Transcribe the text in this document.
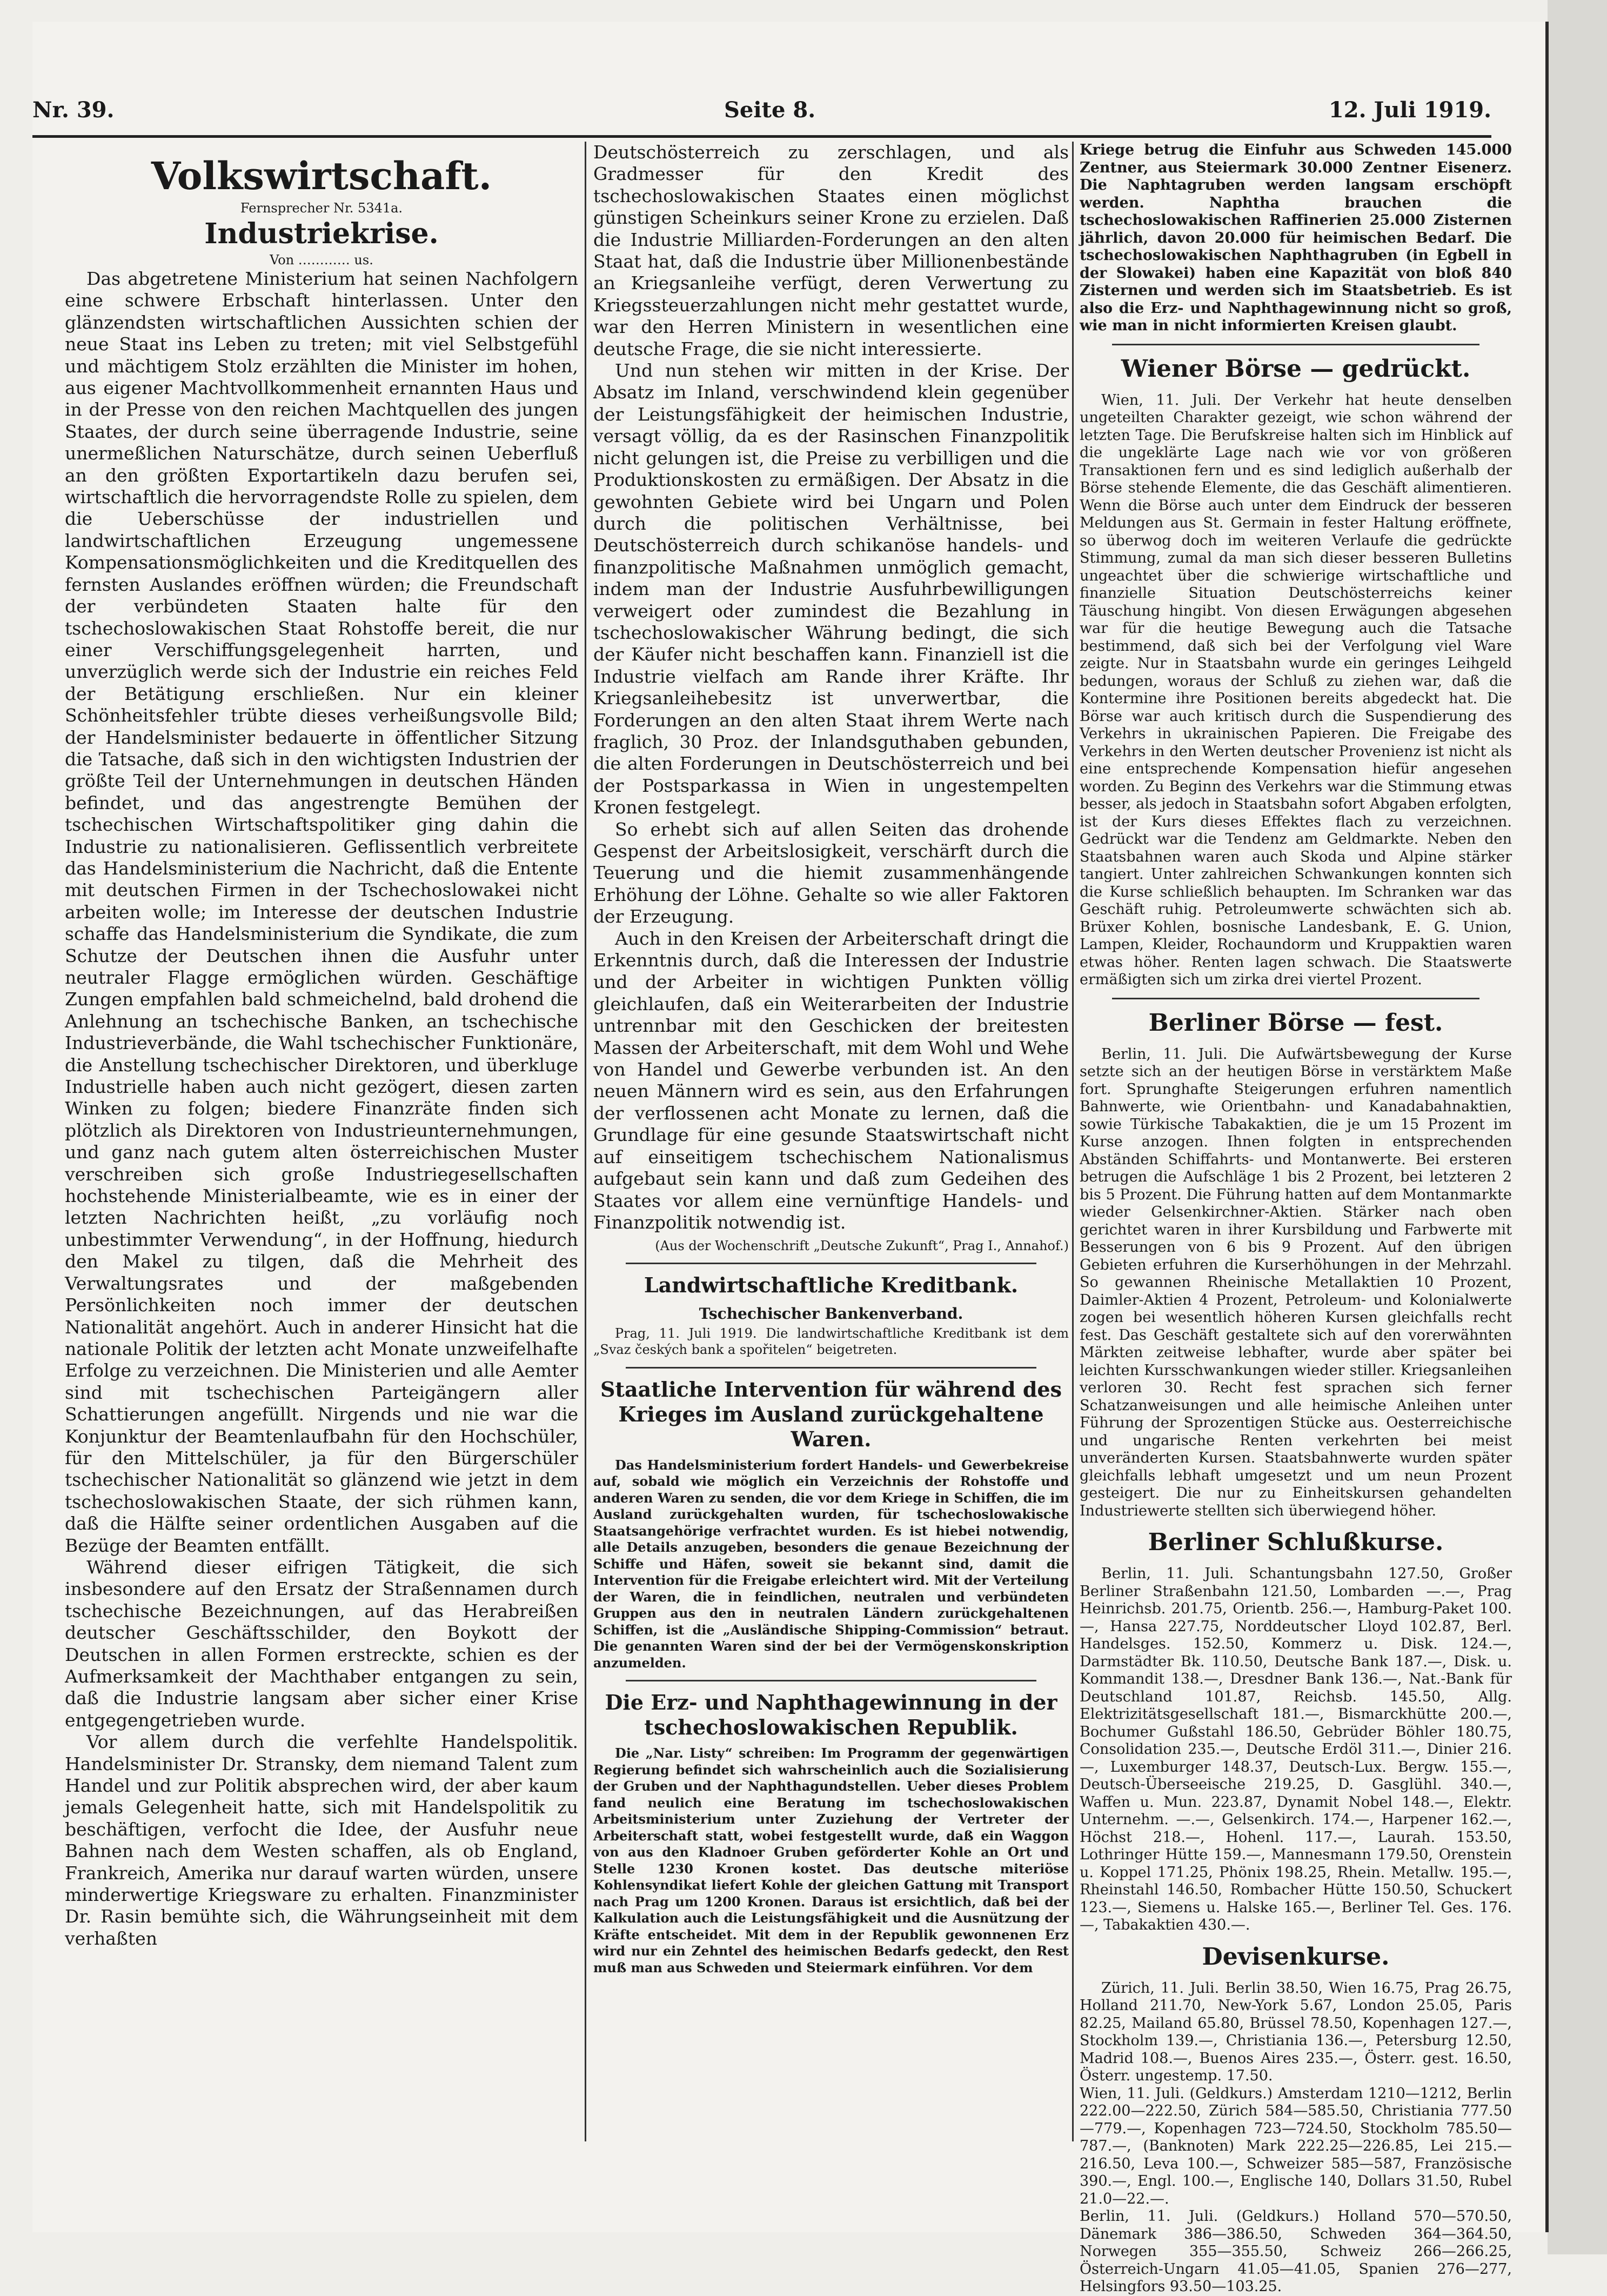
Nr. 39.	Seite 8.	12. Juli 1919.
Volkswirtschaft.
Fernsprecher Nr. 5341a.
Industriekrise.
Von ………… us.

Das abgetretene Ministerium hat seinen Nachfolgern eine schwere Erbschaft hinterlassen. Unter den glänzendsten wirtschaftlichen Aussichten schien der neue Staat ins Leben zu treten; mit viel Selbstgefühl und mächtigem Stolz erzählten die Minister im hohen, aus eigener Machtvollkommenheit ernannten Haus und in der Presse von den reichen Machtquellen des jungen Staates, der durch seine überragende Industrie, seine unermeßlichen Naturschätze, durch seinen Ueberfluß an den größten Exportartikeln dazu berufen sei, wirtschaftlich die hervorragendste Rolle zu spielen, dem die Ueberschüsse der industriellen und landwirtschaftlichen Erzeugung ungemessene Kompensationsmöglichkeiten und die Kreditquellen des fernsten Auslandes eröffnen würden; die Freundschaft der verbündeten Staaten halte für den tschechoslowakischen Staat Rohstoffe bereit, die nur einer Verschiffungsgelegenheit harrten, und unverzüglich werde sich der Industrie ein reiches Feld der Betätigung erschließen. Nur ein kleiner Schönheitsfehler trübte dieses verheißungsvolle Bild; der Handelsminister bedauerte in öffentlicher Sitzung die Tatsache, daß sich in den wichtigsten Industrien der größte Teil der Unternehmungen in deutschen Händen befindet, und das angestrengte Bemühen der tschechischen Wirtschaftspolitiker ging dahin die Industrie zu nationalisieren. Geflissentlich verbreitete das Handelsministerium die Nachricht, daß die Entente mit deutschen Firmen in der Tschechoslowakei nicht arbeiten wolle; im Interesse der deutschen Industrie schaffe das Handelsministerium die Syndikate, die zum Schutze der Deutschen ihnen die Ausfuhr unter neutraler Flagge ermöglichen würden. Geschäftige Zungen empfahlen bald schmeichelnd, bald drohend die Anlehnung an tschechische Banken, an tschechische Industrieverbände, die Wahl tschechischer Funktionäre, die Anstellung tschechischer Direktoren, und überkluge Industrielle haben auch nicht gezögert, diesen zarten Winken zu folgen; biedere Finanzräte finden sich plötzlich als Direktoren von Industrieunternehmungen, und ganz nach gutem alten österreichischen Muster verschreiben sich große Industriegesellschaften hochstehende Ministerialbeamte, wie es in einer der letzten Nachrichten heißt, „zu vorläufig noch unbestimmter Verwendung“, in der Hoffnung, hiedurch den Makel zu tilgen, daß die Mehrheit des Verwaltungsrates und der maßgebenden Persönlichkeiten noch immer der deutschen Nationalität angehört. Auch in anderer Hinsicht hat die nationale Politik der letzten acht Monate unzweifelhafte Erfolge zu verzeichnen. Die Ministerien und alle Aemter sind mit tschechischen Parteigängern aller Schattierungen angefüllt. Nirgends und nie war die Konjunktur der Beamtenlaufbahn für den Hochschüler, für den Mittelschüler, ja für den Bürgerschüler tschechischer Nationalität so glänzend wie jetzt in dem tschechoslowakischen Staate, der sich rühmen kann, daß die Hälfte seiner ordentlichen Ausgaben auf die Bezüge der Beamten entfällt.

Während dieser eifrigen Tätigkeit, die sich insbesondere auf den Ersatz der Straßennamen durch tschechische Bezeichnungen, auf das Herabreißen deutscher Geschäftsschilder, den Boykott der Deutschen in allen Formen erstreckte, schien es der Aufmerksamkeit der Machthaber entgangen zu sein, daß die Industrie langsam aber sicher einer Krise entgegengetrieben wurde.

Vor allem durch die verfehlte Handelspolitik. Handelsminister Dr. Stransky, dem niemand Talent zum Handel und zur Politik absprechen wird, der aber kaum jemals Gelegenheit hatte, sich mit Handelspolitik zu beschäftigen, verfocht die Idee, der Ausfuhr neue Bahnen nach dem Westen schaffen, als ob England, Frankreich, Amerika nur darauf warten würden, unsere minderwertige Kriegsware zu erhalten. Finanzminister Dr. Rasin bemühte sich, die Währungseinheit mit dem verhaßten

Deutschösterreich zu zerschlagen, und als Gradmesser für den Kredit des tschechoslowakischen Staates einen möglichst günstigen Scheinkurs seiner Krone zu erzielen. Daß die Industrie Milliarden-Forderungen an den alten Staat hat, daß die Industrie über Millionenbestände an Kriegsanleihe verfügt, deren Verwertung zu Kriegssteuerzahlungen nicht mehr gestattet wurde, war den Herren Ministern in wesentlichen eine deutsche Frage, die sie nicht interessierte.

Und nun stehen wir mitten in der Krise. Der Absatz im Inland, verschwindend klein gegenüber der Leistungsfähigkeit der heimischen Industrie, versagt völlig, da es der Rasinschen Finanzpolitik nicht gelungen ist, die Preise zu verbilligen und die Produktionskosten zu ermäßigen. Der Absatz in die gewohnten Gebiete wird bei Ungarn und Polen durch die politischen Verhältnisse, bei Deutschösterreich durch schikanöse handels- und finanzpolitische Maßnahmen unmöglich gemacht, indem man der Industrie Ausfuhrbewilligungen verweigert oder zumindest die Bezahlung in tschechoslowakischer Währung bedingt, die sich der Käufer nicht beschaffen kann. Finanziell ist die Industrie vielfach am Rande ihrer Kräfte. Ihr Kriegsanleihebesitz ist unverwertbar, die Forderungen an den alten Staat ihrem Werte nach fraglich, 30 Proz. der Inlandsguthaben gebunden, die alten Forderungen in Deutschösterreich und bei der Postsparkassa in Wien in ungestempelten Kronen festgelegt.

So erhebt sich auf allen Seiten das drohende Gespenst der Arbeitslosigkeit, verschärft durch die Teuerung und die hiemit zusammenhängende Erhöhung der Löhne. Gehalte so wie aller Faktoren der Erzeugung.

Auch in den Kreisen der Arbeiterschaft dringt die Erkenntnis durch, daß die Interessen der Industrie und der Arbeiter in wichtigen Punkten völlig gleichlaufen, daß ein Weiterarbeiten der Industrie untrennbar mit den Geschicken der breitesten Massen der Arbeiterschaft, mit dem Wohl und Wehe von Handel und Gewerbe verbunden ist. An den neuen Männern wird es sein, aus den Erfahrungen der verflossenen acht Monate zu lernen, daß die Grundlage für eine gesunde Staatswirtschaft nicht auf einseitigem tschechischem Nationalismus aufgebaut sein kann und daß zum Gedeihen des Staates vor allem eine vernünftige Handels- und Finanzpolitik notwendig ist.

(Aus der Wochenschrift „Deutsche Zukunft“, Prag I., Annahof.)
Landwirtschaftliche Kreditbank.
Tschechischer Bankenverband.

Prag, 11. Juli 1919. Die landwirtschaftliche Kreditbank ist dem „Svaz českých bank a spořitelen“ beigetreten.

Staatliche Intervention für während des Krieges im Ausland zurückgehaltene Waren.

Das Handelsministerium fordert Handels- und Gewerbekreise auf, sobald wie möglich ein Verzeichnis der Rohstoffe und anderen Waren zu senden, die vor dem Kriege in Schiffen, die im Ausland zurückgehalten wurden, für tschechoslowakische Staatsangehörige verfrachtet wurden. Es ist hiebei notwendig, alle Details anzugeben, besonders die genaue Bezeichnung der Schiffe und Häfen, soweit sie bekannt sind, damit die Intervention für die Freigabe erleichtert wird. Mit der Verteilung der Waren, die in feindlichen, neutralen und verbündeten Gruppen aus den in neutralen Ländern zurückgehaltenen Schiffen, ist die „Ausländische Shipping-Commission“ betraut. Die genannten Waren sind der bei der Vermögenskonskription anzumelden.

Die Erz- und Naphthagewinnung in der tschechoslowakischen Republik.

Die „Nar. Listy“ schreiben: Im Programm der gegenwärtigen Regierung befindet sich wahrscheinlich auch die Sozialisierung der Gruben und der Naphthagundstellen. Ueber dieses Problem fand neulich eine Beratung im tschechoslowakischen Arbeitsministerium unter Zuziehung der Vertreter der Arbeiterschaft statt, wobei festgestellt wurde, daß ein Waggon von aus den Kladnoer Gruben geförderter Kohle an Ort und Stelle 1230 Kronen kostet. Das deutsche miteriöse Kohlensyndikat liefert Kohle der gleichen Gattung mit Transport nach Prag um 1200 Kronen. Daraus ist ersichtlich, daß bei der Kalkulation auch die Leistungsfähigkeit und die Ausnützung der Kräfte entscheidet. Mit dem in der Republik gewonnenen Erz wird nur ein Zehntel des heimischen Bedarfs gedeckt, den Rest muß man aus Schweden und Steiermark einführen. Vor dem

Kriege betrug die Einfuhr aus Schweden 145.000 Zentner, aus Steiermark 30.000 Zentner Eisenerz. Die Naphtagruben werden langsam erschöpft werden. Naphtha brauchen die tschechoslowakischen Raffinerien 25.000 Zisternen jährlich, davon 20.000 für heimischen Bedarf. Die tschechoslowakischen Naphthagruben (in Egbell in der Slowakei) haben eine Kapazität von bloß 840 Zisternen und werden sich im Staatsbetrieb. Es ist also die Erz- und Naphthagewinnung nicht so groß, wie man in nicht informierten Kreisen glaubt.

Wiener Börse — gedrückt.

Wien, 11. Juli. Der Verkehr hat heute denselben ungeteilten Charakter gezeigt, wie schon während der letzten Tage. Die Berufskreise halten sich im Hinblick auf die ungeklärte Lage nach wie vor von größeren Transaktionen fern und es sind lediglich außerhalb der Börse stehende Elemente, die das Geschäft alimentieren. Wenn die Börse auch unter dem Eindruck der besseren Meldungen aus St. Germain in fester Haltung eröffnete, so überwog doch im weiteren Verlaufe die gedrückte Stimmung, zumal da man sich dieser besseren Bulletins ungeachtet über die schwierige wirtschaftliche und finanzielle Situation Deutschösterreichs keiner Täuschung hingibt. Von diesen Erwägungen abgesehen war für die heutige Bewegung auch die Tatsache bestimmend, daß sich bei der Verfolgung viel Ware zeigte. Nur in Staatsbahn wurde ein geringes Leihgeld bedungen, woraus der Schluß zu ziehen war, daß die Kontermine ihre Positionen bereits abgedeckt hat. Die Börse war auch kritisch durch die Suspendierung des Verkehrs in ukrainischen Papieren. Die Freigabe des Verkehrs in den Werten deutscher Provenienz ist nicht als eine entsprechende Kompensation hiefür angesehen worden. Zu Beginn des Verkehrs war die Stimmung etwas besser, als jedoch in Staatsbahn sofort Abgaben erfolgten, ist der Kurs dieses Effektes flach zu verzeichnen. Gedrückt war die Tendenz am Geldmarkte. Neben den Staatsbahnen waren auch Skoda und Alpine stärker tangiert. Unter zahlreichen Schwankungen konnten sich die Kurse schließlich behaupten. Im Schranken war das Geschäft ruhig. Petroleumwerte schwächten sich ab. Brüxer Kohlen, bosnische Landesbank, E. G. Union, Lampen, Kleider, Rochaundorm und Kruppaktien waren etwas höher. Renten lagen schwach. Die Staatswerte ermäßigten sich um zirka drei viertel Prozent.

Berliner Börse — fest.

Berlin, 11. Juli. Die Aufwärtsbewegung der Kurse setzte sich an der heutigen Börse in verstärktem Maße fort. Sprunghafte Steigerungen erfuhren namentlich Bahnwerte, wie Orientbahn- und Kanadabahnaktien, sowie Türkische Tabakaktien, die je um 15 Prozent im Kurse anzogen. Ihnen folgten in entsprechenden Abständen Schiffahrts- und Montanwerte. Bei ersteren betrugen die Aufschläge 1 bis 2 Prozent, bei letzteren 2 bis 5 Prozent. Die Führung hatten auf dem Montanmarkte wieder Gelsenkirchner-Aktien. Stärker nach oben gerichtet waren in ihrer Kursbildung und Farbwerte mit Besserungen von 6 bis 9 Prozent. Auf den übrigen Gebieten erfuhren die Kurserhöhungen in der Mehrzahl. So gewannen Rheinische Metallaktien 10 Prozent, Daimler-Aktien 4 Prozent, Petroleum- und Kolonialwerte zogen bei wesentlich höheren Kursen gleichfalls recht fest. Das Geschäft gestaltete sich auf den vorerwähnten Märkten zeitweise lebhafter, wurde aber später bei leichten Kursschwankungen wieder stiller. Kriegsanleihen verloren 30. Recht fest sprachen sich ferner Schatzanweisungen und alle heimische Anleihen unter Führung der Sprozentigen Stücke aus. Oesterreichische und ungarische Renten verkehrten bei meist unveränderten Kursen. Staatsbahnwerte wurden später gleichfalls lebhaft umgesetzt und um neun Prozent gesteigert. Die nur zu Einheitskursen gehandelten Industriewerte stellten sich überwiegend höher.

Berliner Schlußkurse.

Berlin, 11. Juli. Schantungsbahn 127.50, Großer Berliner Straßenbahn 121.50, Lombarden —.—, Prag Heinrichsb. 201.75, Orientb. 256.—, Hamburg-Paket 100.—, Hansa 227.75, Norddeutscher Lloyd 102.87, Berl. Handelsges. 152.50, Kommerz u. Disk. 124.—, Darmstädter Bk. 110.50, Deutsche Bank 187.—, Disk. u. Kommandit 138.—, Dresdner Bank 136.—, Nat.-Bank für Deutschland 101.87, Reichsb. 145.50, Allg. Elektrizitätsgesellschaft 181.—, Bismarckhütte 200.—, Bochumer Gußstahl 186.50, Gebrüder Böhler 180.75, Consolidation 235.—, Deutsche Erdöl 311.—, Dinier 216.—, Luxemburger 148.37, Deutsch-Lux. Bergw. 155.—, Deutsch-Überseeische 219.25, D. Gasglühl. 340.—, Waffen u. Mun. 223.87, Dynamit Nobel 148.—, Elektr. Unternehm. —.—, Gelsenkirch. 174.—, Harpener 162.—, Höchst 218.—, Hohenl. 117.—, Laurah. 153.50, Lothringer Hütte 159.—, Mannesmann 179.50, Orenstein u. Koppel 171.25, Phönix 198.25, Rhein. Metallw. 195.—, Rheinstahl 146.50, Rombacher Hütte 150.50, Schuckert 123.—, Siemens u. Halske 165.—, Berliner Tel. Ges. 176.—, Tabakaktien 430.—.

Devisenkurse.

Zürich, 11. Juli. Berlin 38.50, Wien 16.75, Prag 26.75, Holland 211.70, New-York 5.67, London 25.05, Paris 82.25, Mailand 65.80, Brüssel 78.50, Kopenhagen 127.—, Stockholm 139.—, Christiania 136.—, Petersburg 12.50, Madrid 108.—, Buenos Aires 235.—, Österr. gest. 16.50, Österr. ungestemp. 17.50.
Wien, 11. Juli. (Geldkurs.) Amsterdam 1210—1212, Berlin 222.00—222.50, Zürich 584—585.50, Christiania 777.50—779.—, Kopenhagen 723—724.50, Stockholm 785.50—787.—, (Banknoten) Mark 222.25—226.85, Lei 215.—216.50, Leva 100.—, Schweizer 585—587, Französische 390.—, Engl. 100.—, Englische 140, Dollars 31.50, Rubel 21.0—22.—.
Berlin, 11. Juli. (Geldkurs.) Holland 570—570.50, Dänemark 386—386.50, Schweden 364—364.50, Norwegen 355—355.50, Schweiz 266—266.25, Österreich-Ungarn 41.05—41.05, Spanien 276—277, Helsingfors 93.50—103.25.
